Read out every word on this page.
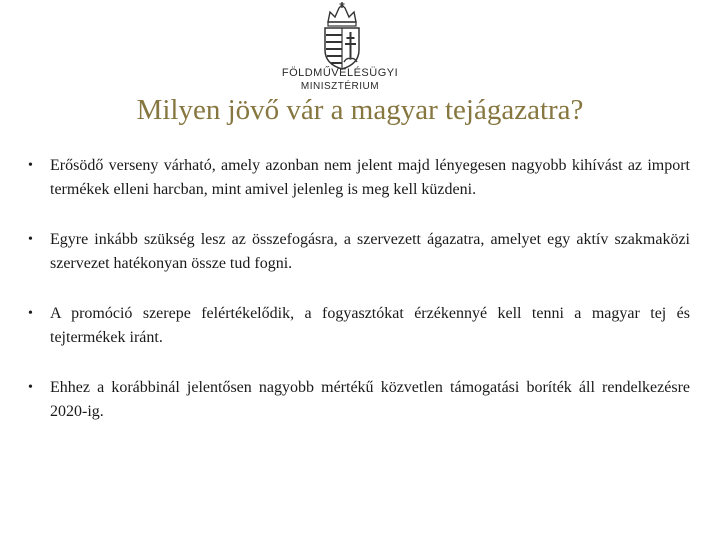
FÖLDMŰVELÉSÜGYI
MINISZTÉRIUM
Milyen jövő vár a magyar tejágazatra?
• Erősödő verseny várható, amely azonban nem jelent majd lényegesen nagyobb kihívást az import termékek elleni harcban, mint amivel jelenleg is meg kell küzdeni.
• Egyre inkább szükség lesz az összefogásra, a szervezett ágazatra, amelyet egy aktív szakmaközi szervezet hatékonyan össze tud fogni.
• A promóció szerepe felértékelődik, a fogyasztókat érzékennyé kell tenni a magyar tej és tejtermékek iránt.
• Ehhez a korábbinál jelentősen nagyobb mértékű közvetlen támogatási boríték áll rendelkezésre 2020-ig.
